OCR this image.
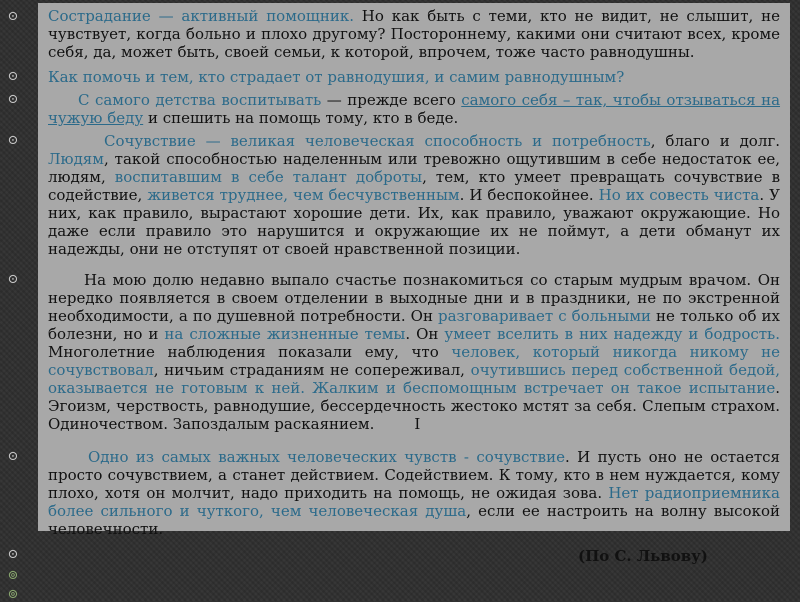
Сострадание — активный помощник. Но как быть с теми, кто не видит, не слышит, не чувствует, когда больно и плохо другому? Постороннему, какими они считают всех, кроме себя, да, может быть, своей семьи, к которой, впрочем, тоже часто равнодушны.
Как помочь и тем, кто страдает от равнодушия, и самим равнодушным?
С самого детства воспитывать — прежде всего самого себя – так, чтобы отзываться на чужую беду и спешить на помощь тому, кто в беде.
Сочувствие — великая человеческая способность и потребность, благо и долг. Людям, такой способностью наделенным или тревожно ощутившим в себе недостаток ее, людям, воспитавшим в себе талант доброты, тем, кто умеет превращать сочувствие в содействие, живется труднее, чем бесчувственным. И беспокойнее. Но их совесть чиста. У них, как правило, вырастают хорошие дети. Их, как правило, уважают окружающие. Но даже если правило это нарушится и окружающие их не поймут, а дети обманут их надежды, они не отступят от своей нравственной позиции.
На мою долю недавно выпало счастье познакомиться со старым мудрым врачом. Он нередко появляется в своем отделении в выходные дни и в праздники, не по экстренной необходимости, а по душевной потребности. Он разговаривает с больными не только об их болезни, но и на сложные жизненные темы. Он умеет вселить в них надежду и бодрость. Многолетние наблюдения показали ему, что человек, который никогда никому не сочувствовал, ничьим страданиям не сопереживал, очутившись перед собственной бедой, оказывается не готовым к ней. Жалким и беспомощным встречает он такое испытание. Эгоизм, черствость, равнодушие, бессердечность жестоко мстят за себя. Слепым страхом. Одиночеством. Запоздалым раскаянием.	I
Одно из самых важных человеческих чувств - сочувствие. И пусть оно не остается просто сочувствием, а станет действием. Содействием. К тому, кто в нем нуждается, кому плохо, хотя он молчит, надо приходить на помощь, не ожидая зова. Нет радиоприемника более сильного и чуткого, чем человеческая душа, если ее настроить на волну высокой человечности.
(По С. Львову)
⊙
⊙
⊙
⊙
⊙
⊙
⊙
⊚
⊚
